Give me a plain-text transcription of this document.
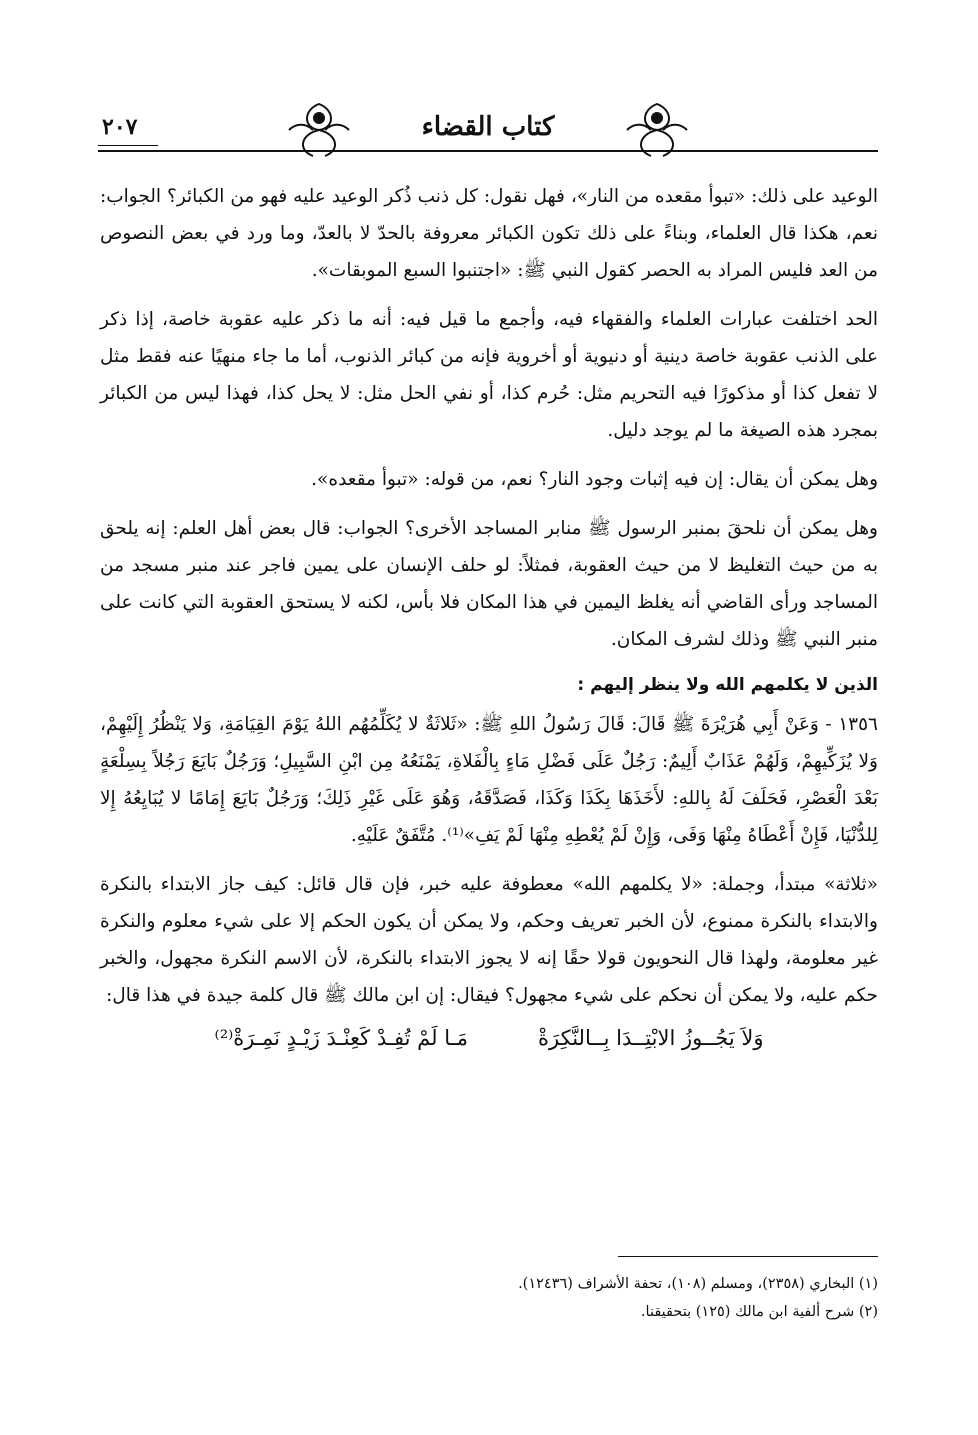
كتاب القضاء
٢٠٧

الوعيد على ذلك: «تبوأ مقعده من النار»، فهل نقول: كل ذنب ذُكر الوعيد عليه فهو من الكبائر؟ الجواب: نعم، هكذا قال العلماء، وبناءً على ذلك تكون الكبائر معروفة بالحدّ لا بالعدّ، وما ورد في بعض النصوص من العد فليس المراد به الحصر كقول النبي ﷺ: «اجتنبوا السبع الموبقات».

الحد اختلفت عبارات العلماء والفقهاء فيه، وأجمع ما قيل فيه: أنه ما ذكر عليه عقوبة خاصة، إذا ذكر على الذنب عقوبة خاصة دينية أو دنيوية أو أخروية فإنه من كبائر الذنوب، أما ما جاء منهيًا عنه فقط مثل لا تفعل كذا أو مذكورًا فيه التحريم مثل: حُرم كذا، أو نفي الحل مثل: لا يحل كذا، فهذا ليس من الكبائر بمجرد هذه الصيغة ما لم يوجد دليل.

وهل يمكن أن يقال: إن فيه إثبات وجود النار؟ نعم، من قوله: «تبوأ مقعده».

وهل يمكن أن نلحقَ بمنبر الرسول ﷺ منابر المساجد الأخرى؟ الجواب: قال بعض أهل العلم: إنه يلحق به من حيث التغليظ لا من حيث العقوبة، فمثلاً: لو حلف الإنسان على يمين فاجر عند منبر مسجد من المساجد ورأى القاضي أنه يغلظ اليمين في هذا المكان فلا بأس، لكنه لا يستحق العقوبة التي كانت على منبر النبي ﷺ وذلك لشرف المكان.

الذين لا يكلمهم الله ولا ينظر إليهم :

١٣٥٦ - وَعَنْ أَبِي هُرَيْرَةَ ﷺ قَالَ: قَالَ رَسُولُ اللهِ ﷺ: «ثَلاثَةٌ لا يُكَلِّمُهُم اللهُ يَوْمَ القِيَامَةِ، وَلا يَنْظُرُ إِلَيْهِمْ، وَلا يُزَكِّيهِمْ، وَلَهُمْ عَذَابٌ أَلِيمٌ: رَجُلٌ عَلَى فَضْلِ مَاءٍ بِالْفَلاةِ، يَمْنَعُهُ مِن ابْنِ السَّبِيلِ؛ وَرَجُلٌ بَايَعَ رَجُلاً بِسِلْعَةٍ بَعْدَ الْعَصْرِ، فَحَلَفَ لَهُ بِاللهِ: لأَخَذَهَا بِكَذَا وَكَذَا، فَصَدَّقَهُ، وَهُوَ عَلَى غَيْرِ ذَلِكَ؛ وَرَجُلٌ بَايَعَ إِمَامًا لا يُبَايِعُهُ إِلا لِلدُّنْيَا، فَإِنْ أَعْطَاهُ مِنْهَا وَفَى، وَإِنْ لَمْ يُعْطِهِ مِنْهَا لَمْ يَفِ»⁽¹⁾. مُتَّفَقٌ عَلَيْهِ.

«ثلاثة» مبتدأ، وجملة: «لا يكلمهم الله» معطوفة عليه خبر، فإن قال قائل: كيف جاز الابتداء بالنكرة والابتداء بالنكرة ممنوع، لأن الخبر تعريف وحكم، ولا يمكن أن يكون الحكم إلا على شيء معلوم والنكرة غير معلومة، ولهذا قال النحويون قولا حقًا إنه لا يجوز الابتداء بالنكرة، لأن الاسم النكرة مجهول، والخبر حكم عليه، ولا يمكن أن نحكم على شيء مجهول؟ فيقال: إن ابن مالك ﷺ قال كلمة جيدة في هذا قال:

وَلاَ يَجُــوزُ الابْتِــدَا بِــالنَّكِرَةْ
مَـا لَمْ تُفِـدْ كَعِنْـدَ زَيْـدٍ نَمِـرَةْ⁽²⁾
(١) البخاري (٢٣٥٨)، ومسلم (١٠٨)، تحفة الأشراف (١٢٤٣٦).
(٢) شرح ألفية ابن مالك (١٢٥) بتحقيقنا.
